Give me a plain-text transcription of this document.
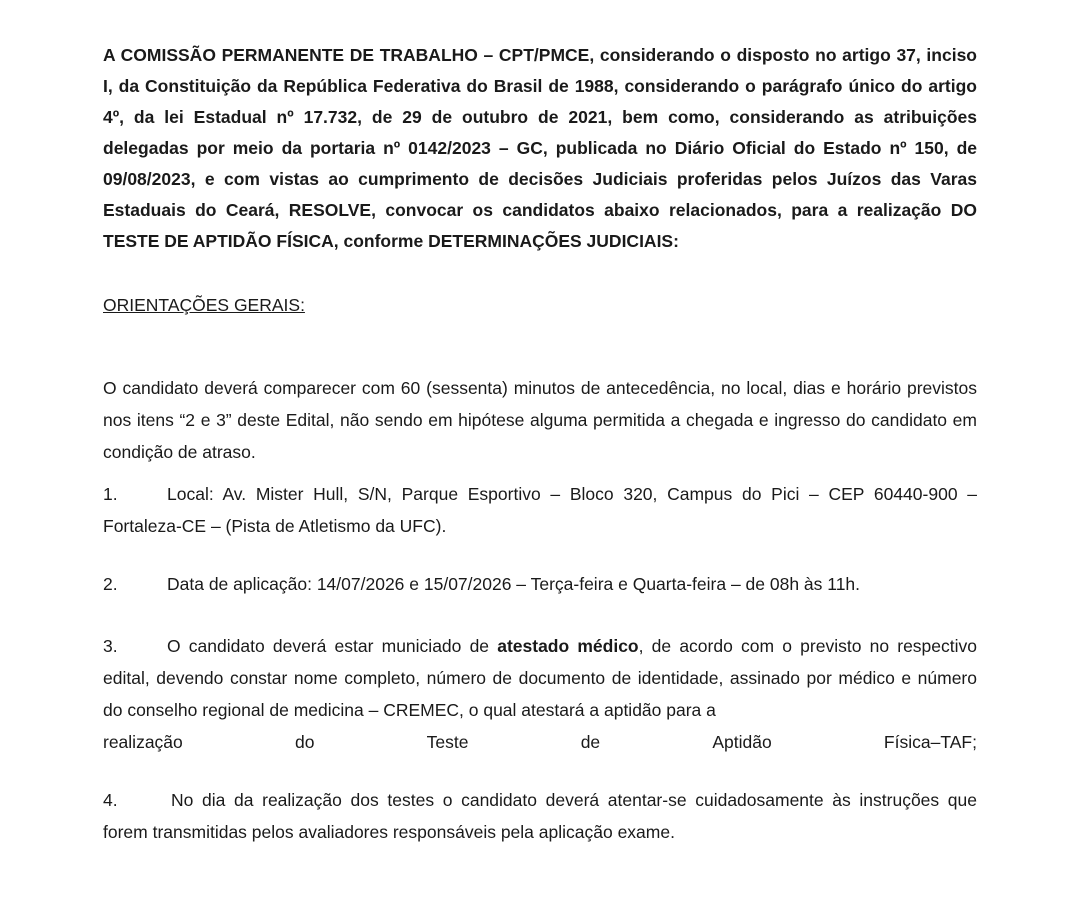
A COMISSÃO PERMANENTE DE TRABALHO – CPT/PMCE, considerando o disposto no artigo 37, inciso I, da Constituição da República Federativa do Brasil de 1988, considerando o parágrafo único do artigo 4º, da lei Estadual nº 17.732, de 29 de outubro de 2021, bem como, considerando as atribuições delegadas por meio da portaria nº 0142/2023 – GC, publicada no Diário Oficial do Estado nº 150, de 09/08/2023, e com vistas ao cumprimento de decisões Judiciais proferidas pelos Juízos das Varas Estaduais do Ceará, RESOLVE, convocar os candidatos abaixo relacionados, para a realização DO TESTE DE APTIDÃO FÍSICA, conforme DETERMINAÇÕES JUDICIAIS:

ORIENTAÇÕES GERAIS:

O candidato deverá comparecer com 60 (sessenta) minutos de antecedência, no local, dias e horário previstos nos itens “2 e 3” deste Edital, não sendo em hipótese alguma permitida a chegada e ingresso do candidato em condição de atraso.

1.	Local: Av. Mister Hull, S/N, Parque Esportivo – Bloco 320, Campus do Pici – CEP 60440-900 – Fortaleza-CE – (Pista de Atletismo da UFC).

2.	Data de aplicação: 14/07/2026 e 15/07/2026 – Terça-feira e Quarta-feira – de 08h às 11h.

3.	O candidato deverá estar municiado de atestado médico, de acordo com o previsto no respectivo edital, devendo constar nome completo, número de documento de identidade, assinado por médico e número do conselho regional de medicina – CREMEC, o qual atestará a aptidão para a
realização	do	Teste	de	Aptidão	Física–TAF;

4.	No dia da realização dos testes o candidato deverá atentar-se cuidadosamente às instruções que forem transmitidas pelos avaliadores responsáveis pela aplicação exame.
